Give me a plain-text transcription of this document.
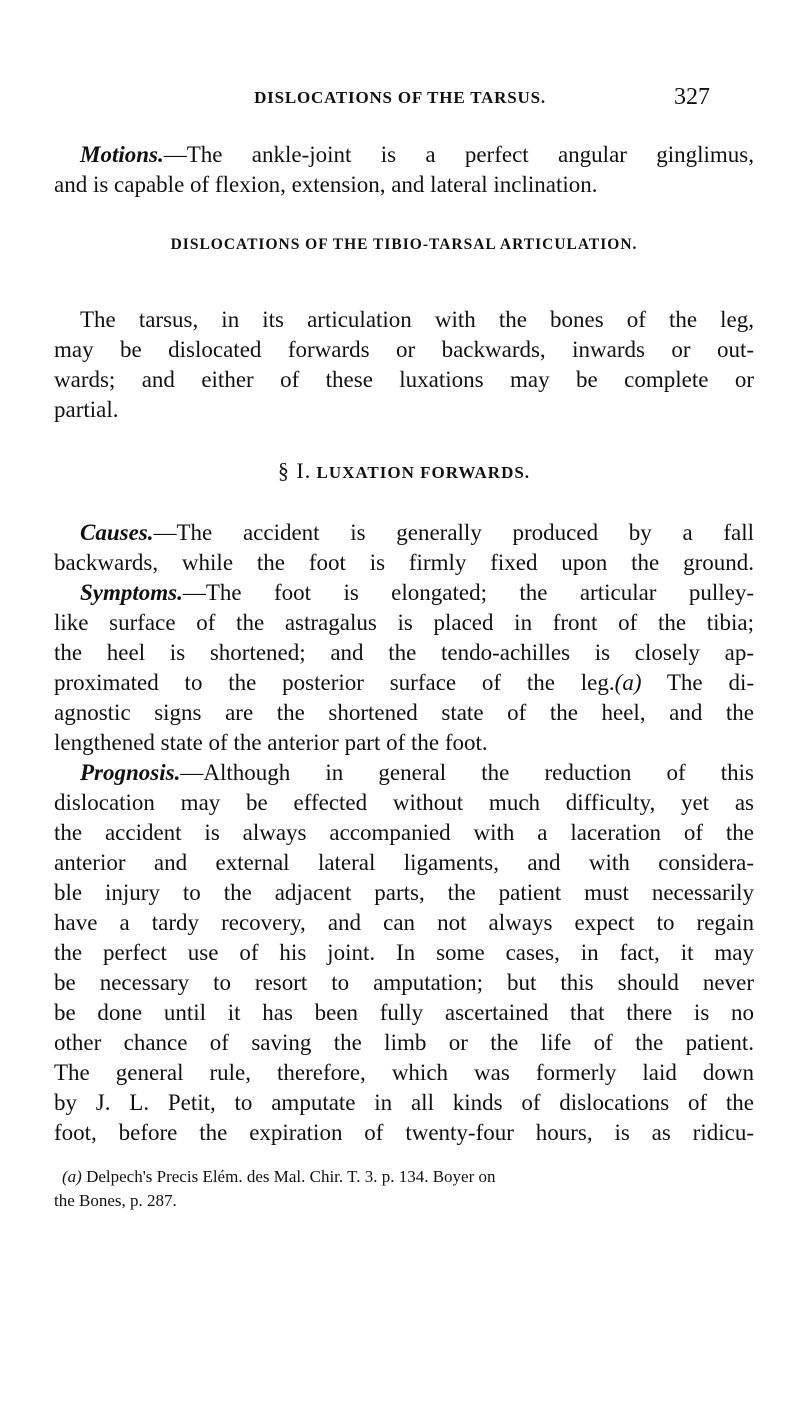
DISLOCATIONS OF THE TARSUS.	327
Motions.—The ankle-joint is a perfect angular ginglimus,
and is capable of flexion, extension, and lateral inclination.
DISLOCATIONS OF THE TIBIO-TARSAL ARTICULATION.
The tarsus, in its articulation with the bones of the leg,
may be dislocated forwards or backwards, inwards or out-
wards; and either of these luxations may be complete or
partial.
§ I. LUXATION FORWARDS.
Causes.—The accident is generally produced by a fall
backwards, while the foot is firmly fixed upon the ground.
Symptoms.—The foot is elongated; the articular pulley-
like surface of the astragalus is placed in front of the tibia;
the heel is shortened; and the tendo-achilles is closely ap-
proximated to the posterior surface of the leg.(a) The di-
agnostic signs are the shortened state of the heel, and the
lengthened state of the anterior part of the foot.
Prognosis.—Although in general the reduction of this
dislocation may be effected without much difficulty, yet as
the accident is always accompanied with a laceration of the
anterior and external lateral ligaments, and with considera-
ble injury to the adjacent parts, the patient must necessarily
have a tardy recovery, and can not always expect to regain
the perfect use of his joint. In some cases, in fact, it may
be necessary to resort to amputation; but this should never
be done until it has been fully ascertained that there is no
other chance of saving the limb or the life of the patient.
The general rule, therefore, which was formerly laid down
by J. L. Petit, to amputate in all kinds of dislocations of the
foot, before the expiration of twenty-four hours, is as ridicu-
(a) Delpech's Precis Elém. des Mal. Chir. T. 3. p. 134. Boyer on
the Bones, p. 287.
